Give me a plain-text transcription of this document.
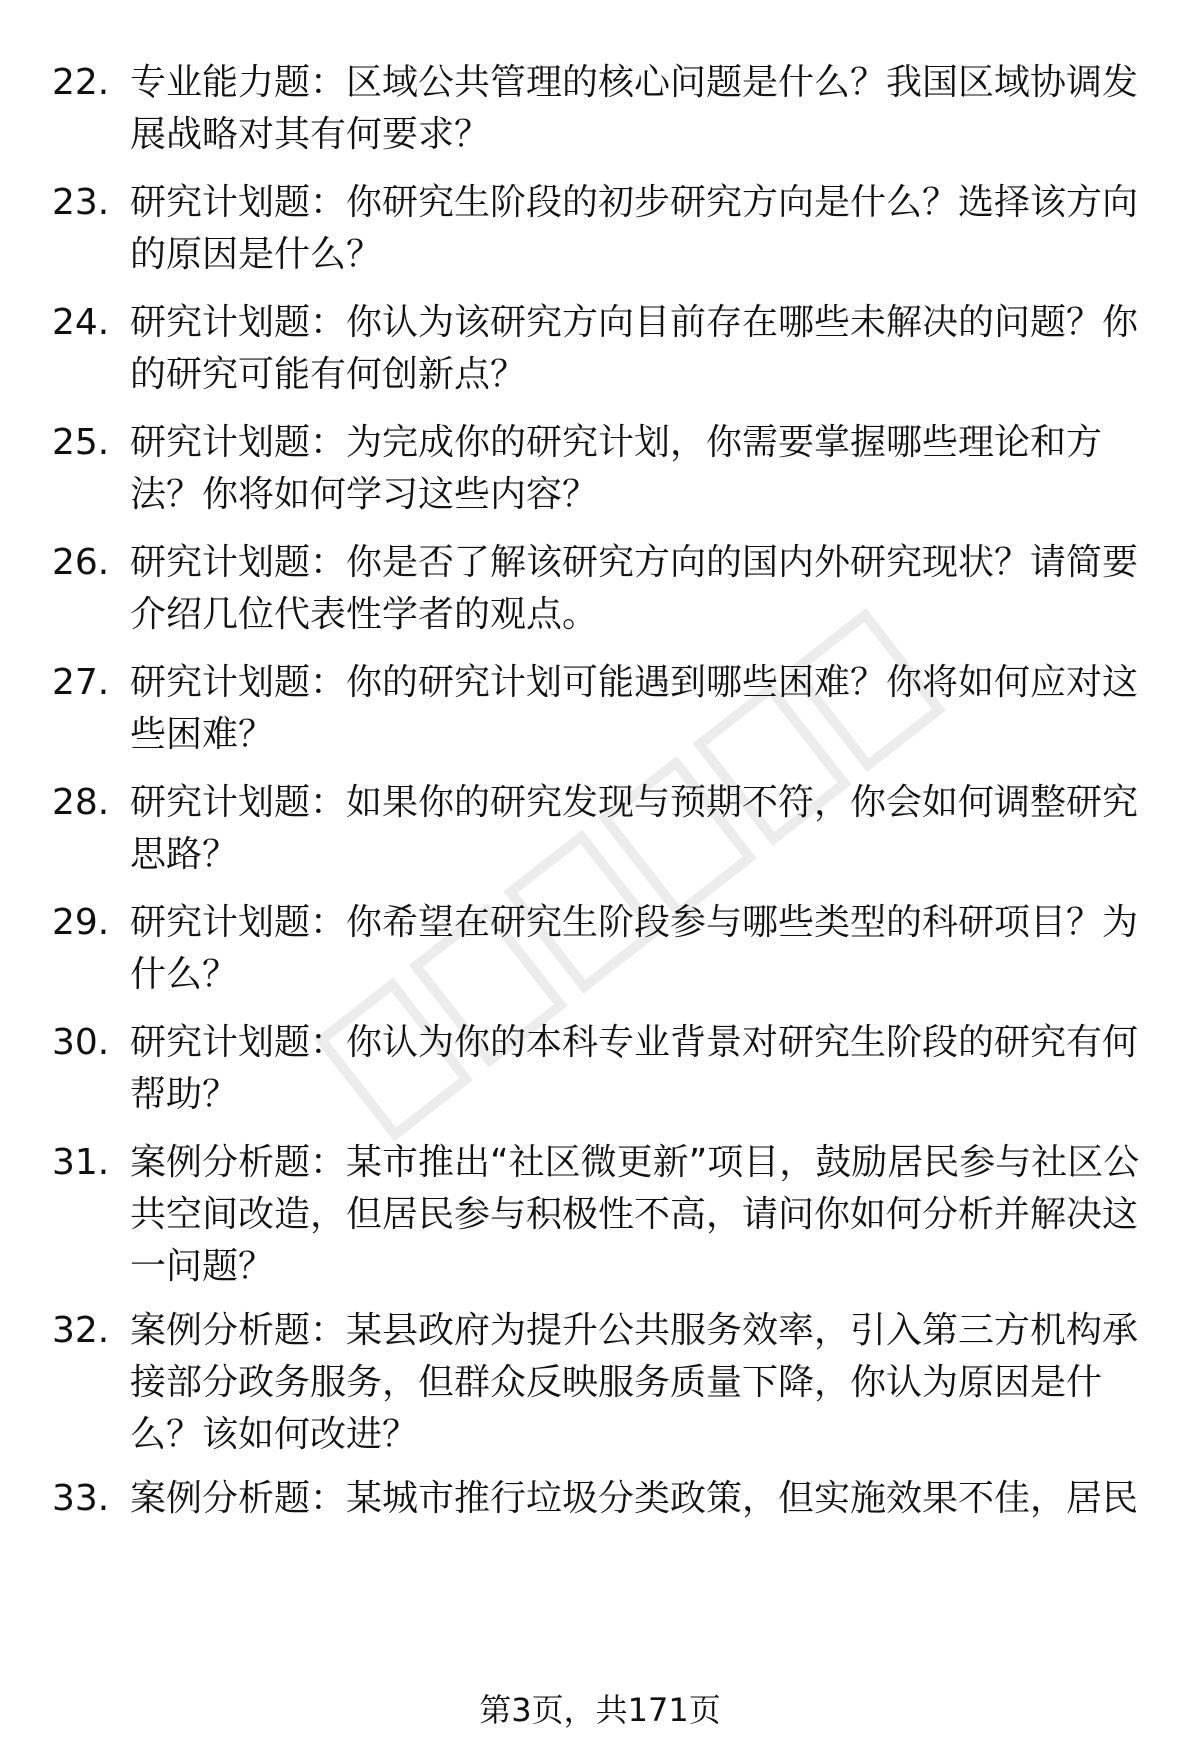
22. 专业能力题：区域公共管理的核心问题是什么？我国区域协调发展战略对其有何要求？
23. 研究计划题：你研究生阶段的初步研究方向是什么？选择该方向的原因是什么？
24. 研究计划题：你认为该研究方向目前存在哪些未解决的问题？你的研究可能有何创新点？
25. 研究计划题：为完成你的研究计划，你需要掌握哪些理论和方法？你将如何学习这些内容？
26. 研究计划题：你是否了解该研究方向的国内外研究现状？请简要介绍几位代表性学者的观点。
27. 研究计划题：你的研究计划可能遇到哪些困难？你将如何应对这些困难？
28. 研究计划题：如果你的研究发现与预期不符，你会如何调整研究思路？
29. 研究计划题：你希望在研究生阶段参与哪些类型的科研项目？为什么？
30. 研究计划题：你认为你的本科专业背景对研究生阶段的研究有何帮助？
31. 案例分析题：某市推出“社区微更新”项目，鼓励居民参与社区公共空间改造，但居民参与积极性不高，请问你如何分析并解决这一问题？
32. 案例分析题：某县政府为提升公共服务效率，引入第三方机构承接部分政务服务，但群众反映服务质量下降，你认为原因是什么？该如何改进？
33. 案例分析题：某城市推行垃圾分类政策，但实施效果不佳，居民
第3页，共171页
